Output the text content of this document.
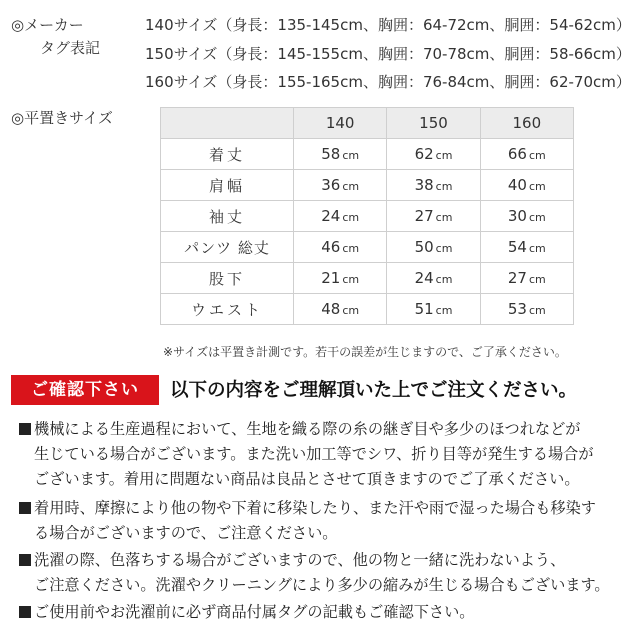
◎メーカー
タグ表記
140サイズ（身長：135-145cm、胸囲：64-72cm、胴囲：54-62cm）
150サイズ（身長：145-155cm、胸囲：70-78cm、胴囲：58-66cm）
160サイズ（身長：155-165cm、胸囲：76-84cm、胴囲：62-70cm）
◎平置きサイズ
		140	150	160
着丈	58 cm	62 cm	66 cm
肩幅	36 cm	38 cm	40 cm
袖丈	24 cm	27 cm	30 cm
パンツ 総丈	46 cm	50 cm	54 cm
股下	21 cm	24 cm	27 cm
ウエスト	48 cm	51 cm	53 cm
※サイズは平置き計測です。若干の誤差が生じますので、ご了承ください。
ご確認下さい	以下の内容をご理解頂いた上でご注文ください。
機械による生産過程において、生地を織る際の糸の継ぎ目や多少のほつれなどが
生じている場合がございます。また洗い加工等でシワ、折り目等が発生する場合が
ございます。着用に問題ない商品は良品とさせて頂きますのでご了承ください。
着用時、摩擦により他の物や下着に移染したり、また汗や雨で湿った場合も移染す
る場合がございますので、ご注意ください。
洗濯の際、色落ちする場合がございますので、他の物と一緒に洗わないよう、
ご注意ください。洗濯やクリーニングにより多少の縮みが生じる場合もございます。
ご使用前やお洗濯前に必ず商品付属タグの記載もご確認下さい。
